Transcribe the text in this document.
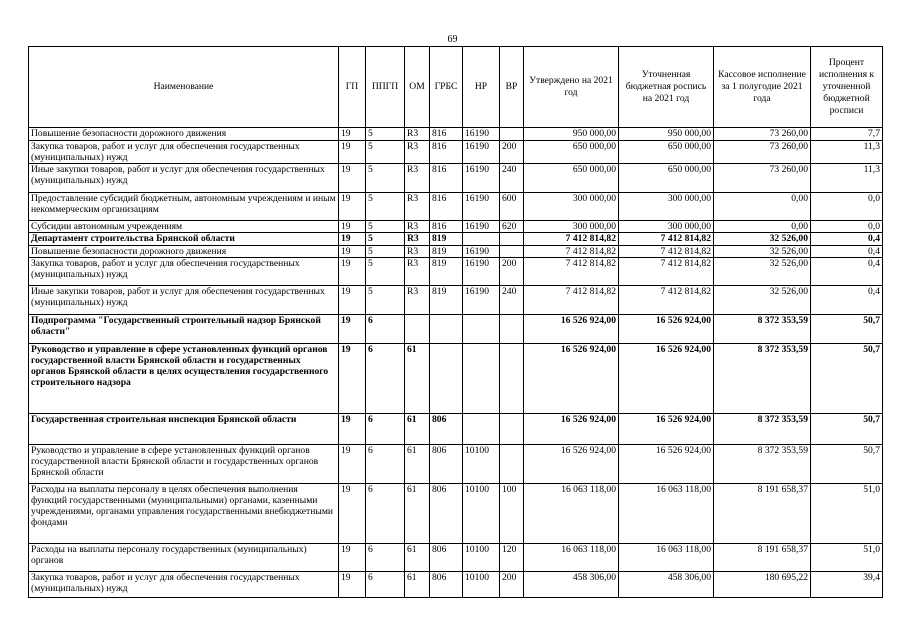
69
Наименование	ГП	ППГП	ОМ	ГРБС	НР	ВР	Утверждено на 2021 год	Уточненная бюджетная роспись на 2021 год	Кассовое исполнение за 1 полугодие 2021 года	Процент исполнения к уточненной бюджетной росписи
Повышение безопасности дорожного движения	19	5	R3	816	16190		950 000,00	950 000,00	73 260,00	7,7
Закупка товаров, работ и услуг для обеспечения государственных (муниципальных) нужд	19	5	R3	816	16190	200	650 000,00	650 000,00	73 260,00	11,3
Иные закупки товаров, работ и услуг для обеспечения государственных (муниципальных) нужд	19	5	R3	816	16190	240	650 000,00	650 000,00	73 260,00	11,3
Предоставление субсидий бюджетным, автономным учреждениям и иным некоммерческим организациям	19	5	R3	816	16190	600	300 000,00	300 000,00	0,00	0,0
Субсидии автономным учреждениям	19	5	R3	816	16190	620	300 000,00	300 000,00	0,00	0,0
Департамент строительства Брянской области	19	5	R3	819			7 412 814,82	7 412 814,82	32 526,00	0,4
Повышение безопасности дорожного движения	19	5	R3	819	16190		7 412 814,82	7 412 814,82	32 526,00	0,4
Закупка товаров, работ и услуг для обеспечения государственных (муниципальных) нужд	19	5	R3	819	16190	200	7 412 814,82	7 412 814,82	32 526,00	0,4
Иные закупки товаров, работ и услуг для обеспечения государственных (муниципальных) нужд	19	5	R3	819	16190	240	7 412 814,82	7 412 814,82	32 526,00	0,4
Подпрограмма "Государственный строительный надзор Брянской области"	19	6					16 526 924,00	16 526 924,00	8 372 353,59	50,7
Руководство и управление в сфере установленных функций органов государственной власти Брянской области и государственных органов Брянской области в целях осуществления государственного строительного надзора	19	6	61				16 526 924,00	16 526 924,00	8 372 353,59	50,7
Государственная строительная инспекция Брянской области	19	6	61	806			16 526 924,00	16 526 924,00	8 372 353,59	50,7
Руководство и управление в сфере установленных функций органов государственной власти Брянской области и государственных органов Брянской области	19	6	61	806	10100		16 526 924,00	16 526 924,00	8 372 353,59	50,7
Расходы на выплаты персоналу в целях обеспечения выполнения функций государственными (муниципальными) органами, казенными учреждениями, органами управления государственными внебюджетными фондами	19	6	61	806	10100	100	16 063 118,00	16 063 118,00	8 191 658,37	51,0
Расходы на выплаты персоналу государственных (муниципальных) органов	19	6	61	806	10100	120	16 063 118,00	16 063 118,00	8 191 658,37	51,0
Закупка товаров, работ и услуг для обеспечения государственных (муниципальных) нужд	19	6	61	806	10100	200	458 306,00	458 306,00	180 695,22	39,4
